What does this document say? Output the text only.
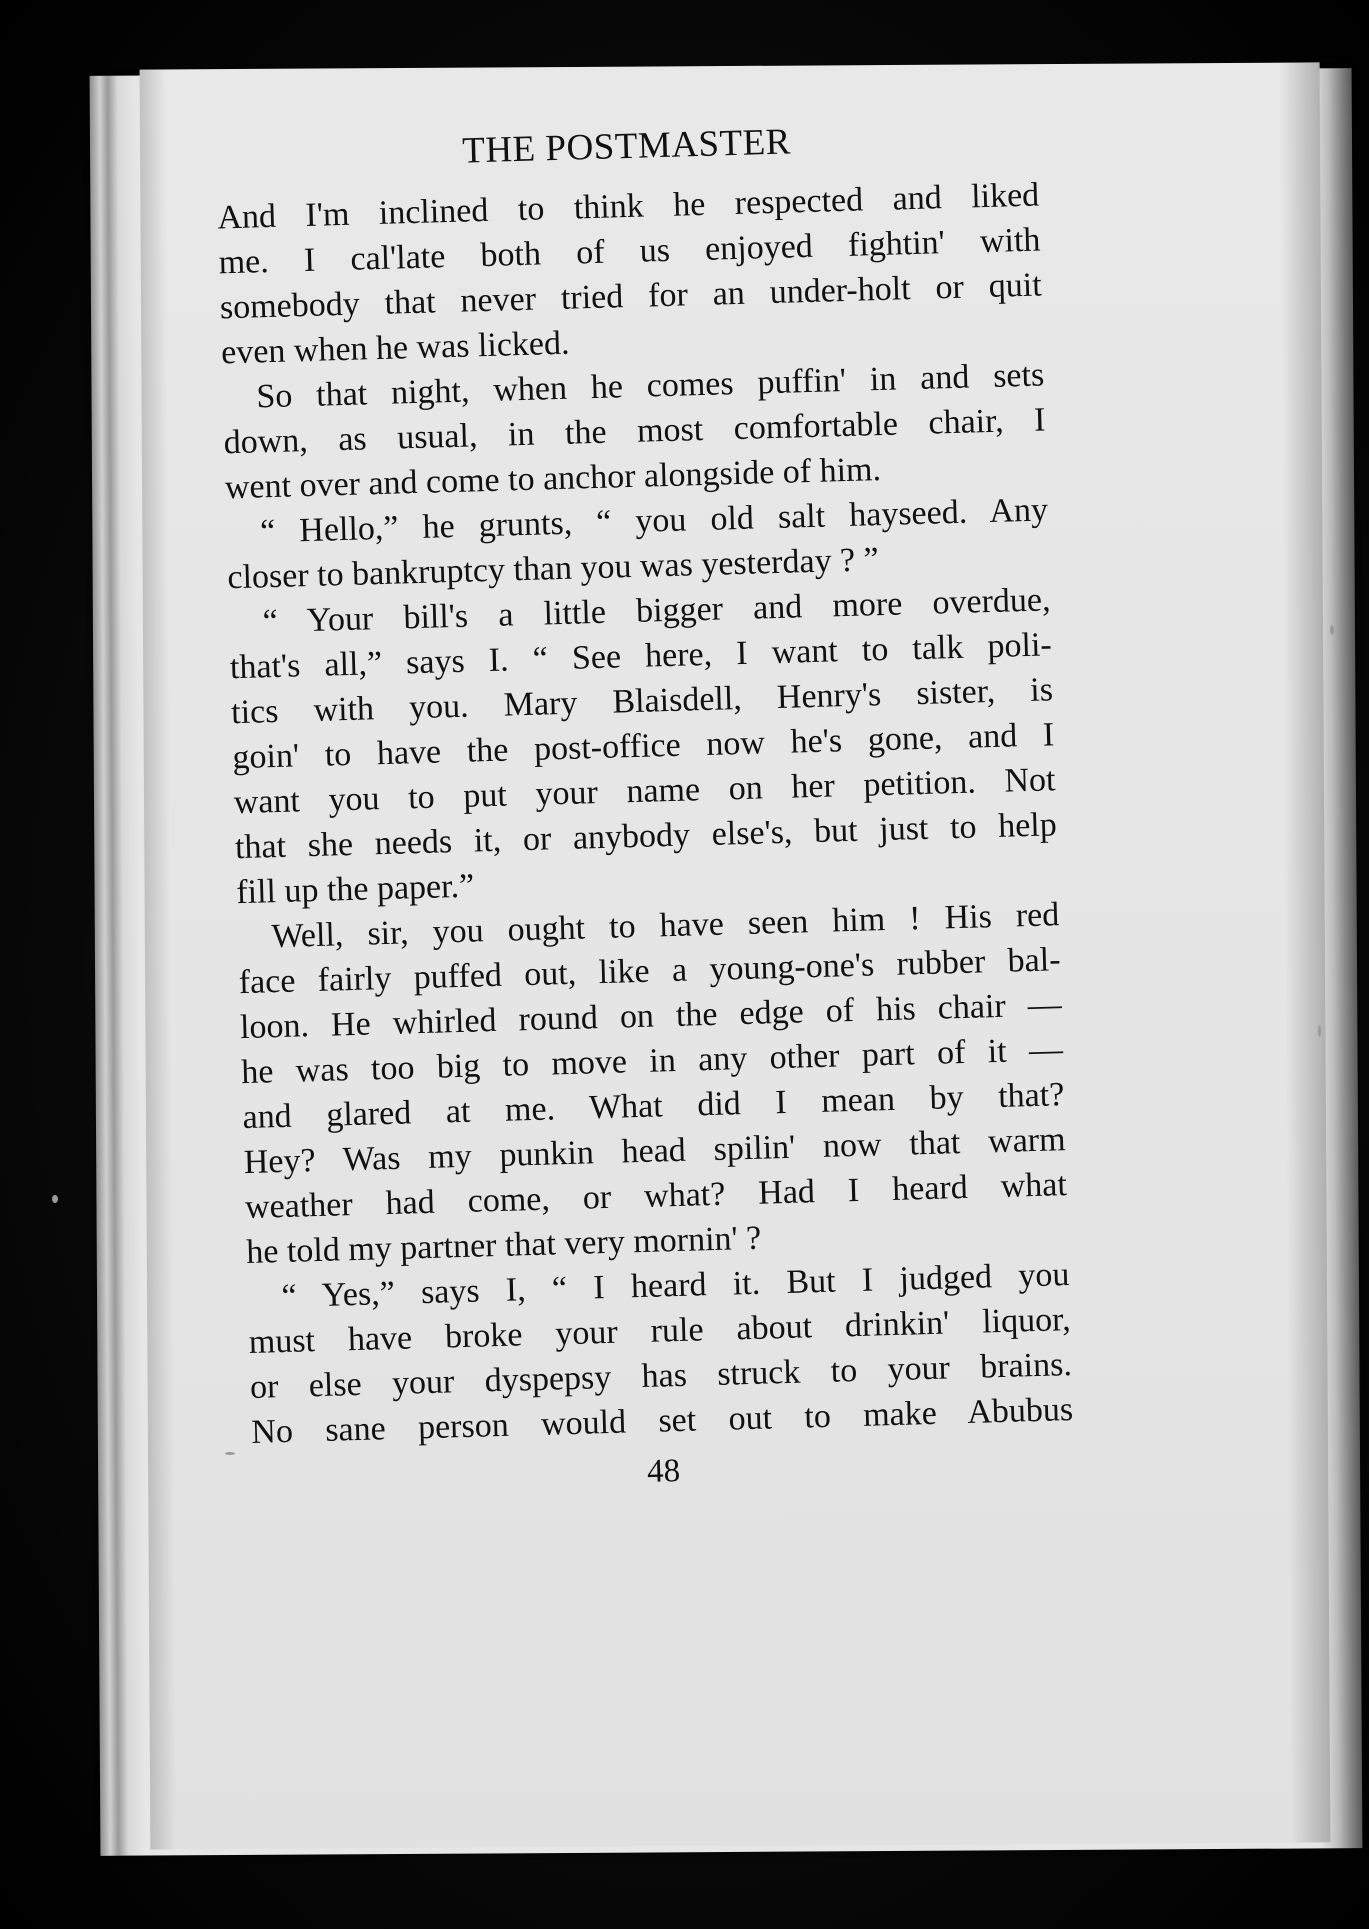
THE POSTMASTER
And I'm inclined to think he respected and liked
me. I cal'late both of us enjoyed fightin' with
somebody that never tried for an under-holt or quit
even when he was licked.
So that night, when he comes puffin' in and sets
down, as usual, in the most comfortable chair, I
went over and come to anchor alongside of him.
“ Hello,” he grunts, “ you old salt hayseed. Any
closer to bankruptcy than you was yesterday ? ”
“ Your bill's a little bigger and more overdue,
that's all,” says I. “ See here, I want to talk poli-
tics with you. Mary Blaisdell, Henry's sister, is
goin' to have the post-office now he's gone, and I
want you to put your name on her petition. Not
that she needs it, or anybody else's, but just to help
fill up the paper.”
Well, sir, you ought to have seen him ! His red
face fairly puffed out, like a young-one's rubber bal-
loon. He whirled round on the edge of his chair —
he was too big to move in any other part of it —
and glared at me. What did I mean by that?
Hey? Was my punkin head spilin' now that warm
weather had come, or what? Had I heard what
he told my partner that very mornin' ?
“ Yes,” says I, “ I heard it. But I judged you
must have broke your rule about drinkin' liquor,
or else your dyspepsy has struck to your brains.
No sane person would set out to make Abubus
48
